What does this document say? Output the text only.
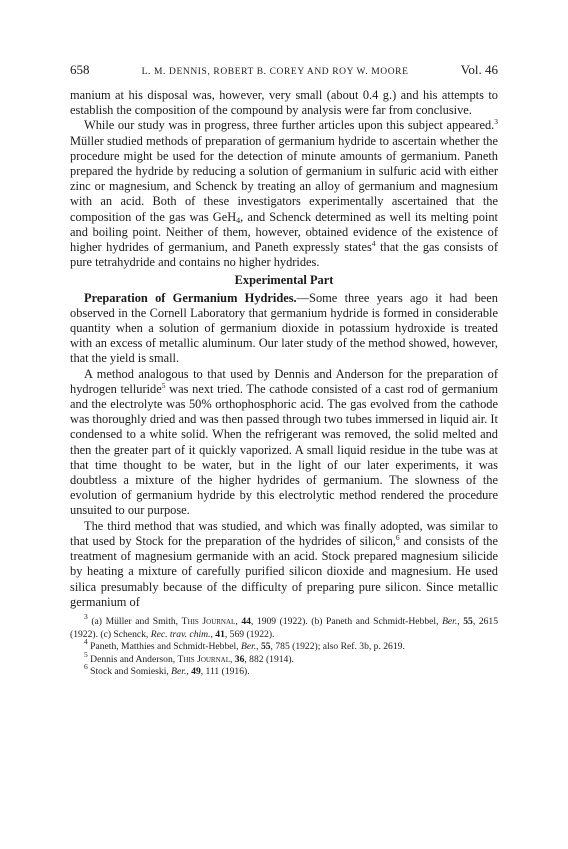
658	L. M. DENNIS, ROBERT B. COREY AND ROY W. MOORE	Vol. 46

manium at his disposal was, however, very small (about 0.4 g.) and his attempts to establish the composition of the compound by analysis were far from conclusive.

While our study was in progress, three further articles upon this subject appeared.$^3$ Müller studied methods of preparation of germanium hydride to ascertain whether the procedure might be used for the detection of minute amounts of germanium. Paneth prepared the hydride by reducing a solution of germanium in sulfuric acid with either zinc or magnesium, and Schenck by treating an alloy of germanium and magnesium with an acid. Both of these investigators experimentally ascertained that the composition of the gas was GeH$_4$, and Schenck determined as well its melting point and boiling point. Neither of them, however, obtained evidence of the existence of higher hydrides of germanium, and Paneth expressly states$^4$ that the gas consists of pure tetrahydride and contains no higher hydrides.

Experimental Part

Preparation of Germanium Hydrides.—Some three years ago it had been observed in the Cornell Laboratory that germanium hydride is formed in considerable quantity when a solution of germanium dioxide in potassium hydroxide is treated with an excess of metallic aluminum. Our later study of the method showed, however, that the yield is small.

A method analogous to that used by Dennis and Anderson for the preparation of hydrogen telluride$^5$ was next tried. The cathode consisted of a cast rod of germanium and the electrolyte was 50% orthophosphoric acid. The gas evolved from the cathode was thoroughly dried and was then passed through two tubes immersed in liquid air. It condensed to a white solid. When the refrigerant was removed, the solid melted and then the greater part of it quickly vaporized. A small liquid residue in the tube was at that time thought to be water, but in the light of our later experiments, it was doubtless a mixture of the higher hydrides of germanium. The slowness of the evolution of germanium hydride by this electrolytic method rendered the procedure unsuited to our purpose.

The third method that was studied, and which was finally adopted, was similar to that used by Stock for the preparation of the hydrides of silicon,$^6$ and consists of the treatment of magnesium germanide with an acid. Stock prepared magnesium silicide by heating a mixture of carefully purified silicon dioxide and magnesium. He used silica presumably because of the difficulty of preparing pure silicon. Since metallic germanium of

$^3$ (a) Müller and Smith, This Journal, 44, 1909 (1922). (b) Paneth and Schmidt-Hebbel, Ber., 55, 2615 (1922). (c) Schenck, Rec. trav. chim., 41, 569 (1922).
$^4$ Paneth, Matthies and Schmidt-Hebbel, Ber., 55, 785 (1922); also Ref. 3b, p. 2619.
$^5$ Dennis and Anderson, This Journal, 36, 882 (1914).
$^6$ Stock and Somieski, Ber., 49, 111 (1916).
